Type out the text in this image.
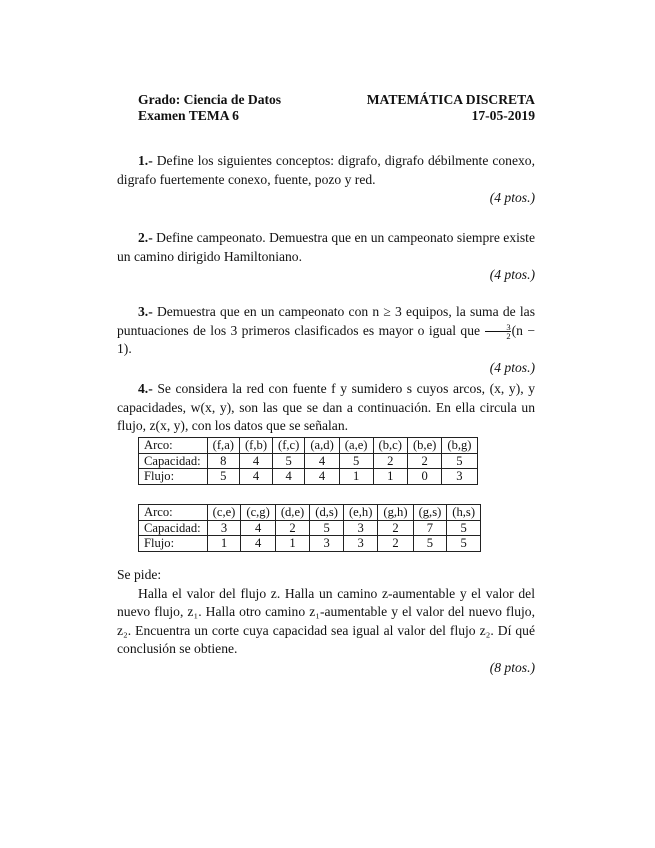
Grado: Ciencia de Datos	MATEMÁTICA DISCRETA
Examen TEMA 6	17-05-2019
1.- Define los siguientes conceptos: digrafo, digrafo débilmente conexo, digrafo fuertemente conexo, fuente, pozo y red.
(4 ptos.)
2.- Define campeonato. Demuestra que en un campeonato siempre existe un camino dirigido Hamiltoniano.
(4 ptos.)
3.- Demuestra que en un campeonato con n ≥ 3 equipos, la suma de las puntuaciones de los 3 primeros clasificados es mayor o igual que $\frac{3}{2} (n - 1)$.
(4 ptos.)
4.- Se considera la red con fuente f y sumidero s cuyos arcos, (x, y), y capacidades, w(x, y), son las que se dan a continuación. En ella circula un flujo, z(x, y), con los datos que se señalan.
Arco:	(f,a)	(f,b)	(f,c)	(a,d)	(a,e)	(b,c)	(b,e)	(b,g)
Capacidad:	8	4	5	4	5	2	2	5
Flujo:	5	4	4	4	1	1	0	3
Arco:	(c,e)	(c,g)	(d,e)	(d,s)	(e,h)	(g,h)	(g,s)	(h,s)
Capacidad:	3	4	2	5	3	2	7	5
Flujo:	1	4	1	3	3	2	5	5
Se pide:
Halla el valor del flujo z. Halla un camino z-aumentable y el valor del nuevo flujo, z₁. Halla otro camino z₁-aumentable y el valor del nuevo flujo, z₂. Encuentra un corte cuya capacidad sea igual al valor del flujo z₂. Dí qué conclusión se obtiene.
(8 ptos.)
